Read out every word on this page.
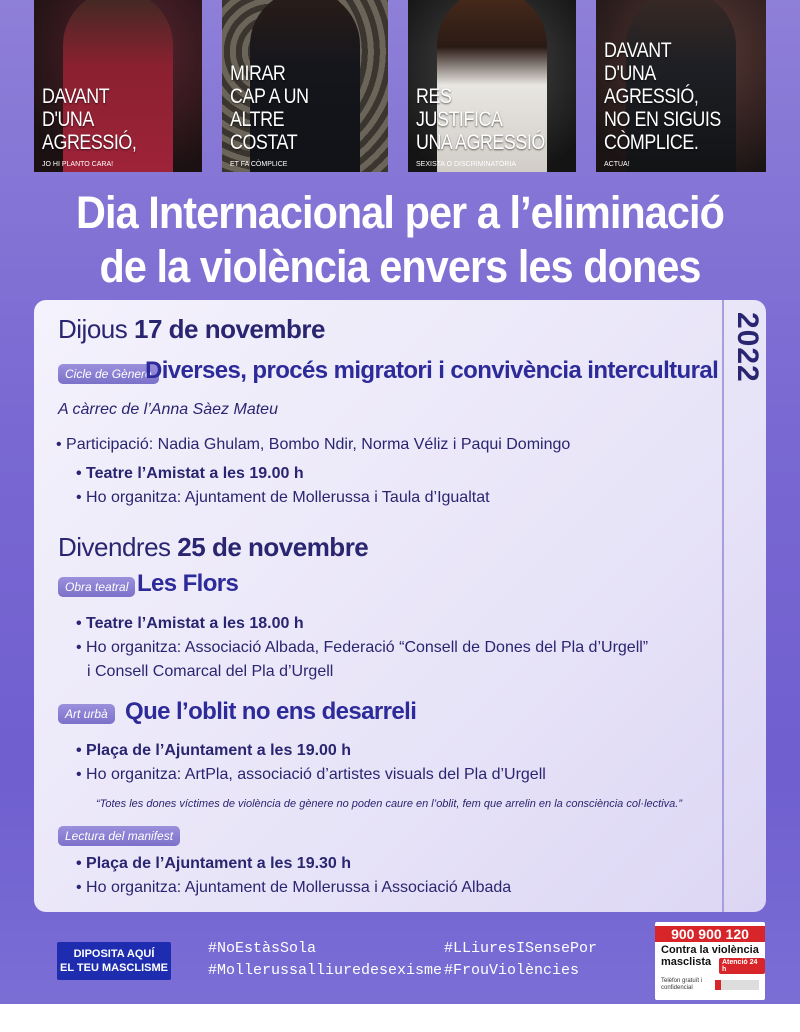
DAVANT
D'UNA
AGRESSIÓ,
JO HI PLANTO CARA!
MIRAR
CAP A UN
ALTRE
COSTAT
ET FA CÒMPLICE
RES
JUSTIFICA
UNA AGRESSIÓ
SEXISTA O DISCRIMINATÒRIA
DAVANT
D'UNA AGRESSIÓ,
NO EN SIGUIS
CÒMPLICE.
ACTUA!
Dia Internacional per a l’eliminació
de la violència envers les dones
2022
Dijous 17 de novembre
Cicle de Gènere
Diverses, procés migratori i convivència intercultural
A càrrec de l’Anna Sàez Mateu
• Participació: Nadia Ghulam, Bombo Ndir, Norma Véliz i Paqui Domingo
• Teatre l’Amistat a les 19.00 h
• Ho organitza: Ajuntament de Mollerussa i Taula d’Igualtat
Divendres 25 de novembre
Obra teatral Les Flors
• Teatre l’Amistat a les 18.00 h
• Ho organitza: Associació Albada, Federació “Consell de Dones del Pla d’Urgell”
i Consell Comarcal del Pla d’Urgell
Art urbà Que l’oblit no ens desarreli
• Plaça de l’Ajuntament a les 19.00 h
• Ho organitza: ArtPla, associació d’artistes visuals del Pla d’Urgell
“Totes les dones víctimes de violència de gènere no poden caure en l’oblit, fem que arrelin en la consciència col·lectiva.”
Lectura del manifest
• Plaça de l’Ajuntament a les 19.30 h
• Ho organitza: Ajuntament de Mollerussa i Associació Albada
DIPOSITA AQUÍ
EL TEU MASCLISME
#NoEstàsSola
#Mollerussalliuredesexisme
#LLiuresISensePor
#FrouViolències
900 900 120
Contra la violència
masclista	Atenció 24 h
Telèfon gratuït i confidencial
